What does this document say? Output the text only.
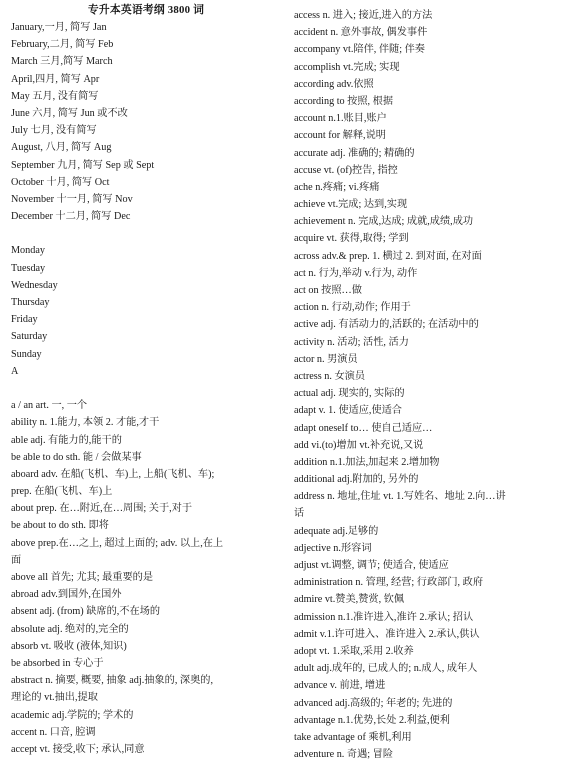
专升本英语考纲 3800 词
January,一月, 简写 Jan
February,二月, 简写 Feb
March 三月,简写 March
April,四月, 简写 Apr
May 五月, 没有简写
June 六月, 简写 Jun 或不改
July 七月, 没有简写
August, 八月, 简写 Aug
September 九月, 简写 Sep 或 Sept
October 十月, 简写 Oct
November 十一月, 简写 Nov
December 十二月, 简写 Dec
Monday
Tuesday
Wednesday
Thursday
Friday
Saturday
Sunday
A
a / an art. 一, 一个
ability n. 1.能力, 本领 2. 才能,才干
able adj. 有能力的,能干的
be able to do sth. 能 / 会做某事
aboard adv. 在船(飞机、车)上, 上船(飞机、车);
prep. 在船(飞机、车)上
about prep. 在…附近,在…周围; 关于,对于
be about to do sth. 即将
above prep.在…之上, 超过上面的; adv. 以上,在上
面
above all 首先; 尤其; 最重要的是
abroad adv.到国外,在国外
absent adj. (from) 缺席的,不在场的
absolute adj. 绝对的,完全的
absorb vt. 吸收 (液体,知识)
be absorbed in 专心于
abstract n. 摘要, 概要, 抽象 adj.抽象的, 深奥的,
理论的 vt.抽出,提取
academic adj.学院的; 学术的
accent n. 口音, 腔调
accept vt. 接受,收下; 承认,同意
access n. 进入; 接近,进入的方法
accident n. 意外事故, 偶发事件
accompany vt.陪伴, 伴随; 伴奏
accomplish vt.完成; 实现
according adv.依照
according to 按照, 根据
account n.1.账目,账户
account for 解释,说明
accurate adj. 准确的; 精确的
accuse vt. (of)控告, 指控
ache n.疼痛; vi.疼痛
achieve vt.完成; 达到,实现
achievement n. 完成,达成; 成就,成绩,成功
acquire vt. 获得,取得; 学到
across adv.& prep. 1. 横过 2. 到对面, 在对面
act n. 行为,举动 v.行为, 动作
act on 按照…做
action n. 行动,动作; 作用于
active adj. 有活动力的,活跃的; 在活动中的
activity n. 活动; 活性, 活力
actor n. 男演员
actress n. 女演员
actual adj. 现实的, 实际的
adapt v. 1. 使适应,使适合
adapt oneself to… 使自己适应…
add vi.(to)增加 vt.补充说,又说
addition n.1.加法,加起来 2.增加物
additional adj.附加的, 另外的
address n. 地址,住址 vt. 1.写姓名、地址 2.向…讲
话
adequate adj.足够的
adjective n.形容词
adjust vt.调整, 调节; 使适合, 使适应
administration n. 管理, 经营; 行政部门, 政府
admire vt.赞美,赞赏, 钦佩
admission n.1.准许进入,准许 2.承认; 招认
admit v.1.许可进入、准许进入 2.承认,供认
adopt vt. 1.采取,采用 2.收养
adult adj.成年的, 已成人的; n.成人, 成年人
advance v. 前进, 增进
advanced adj.高级的; 年老的; 先进的
advantage n.1.优势,长处 2.利益,便利
take advantage of 乘机,利用
adventure n. 奇遇; 冒险
